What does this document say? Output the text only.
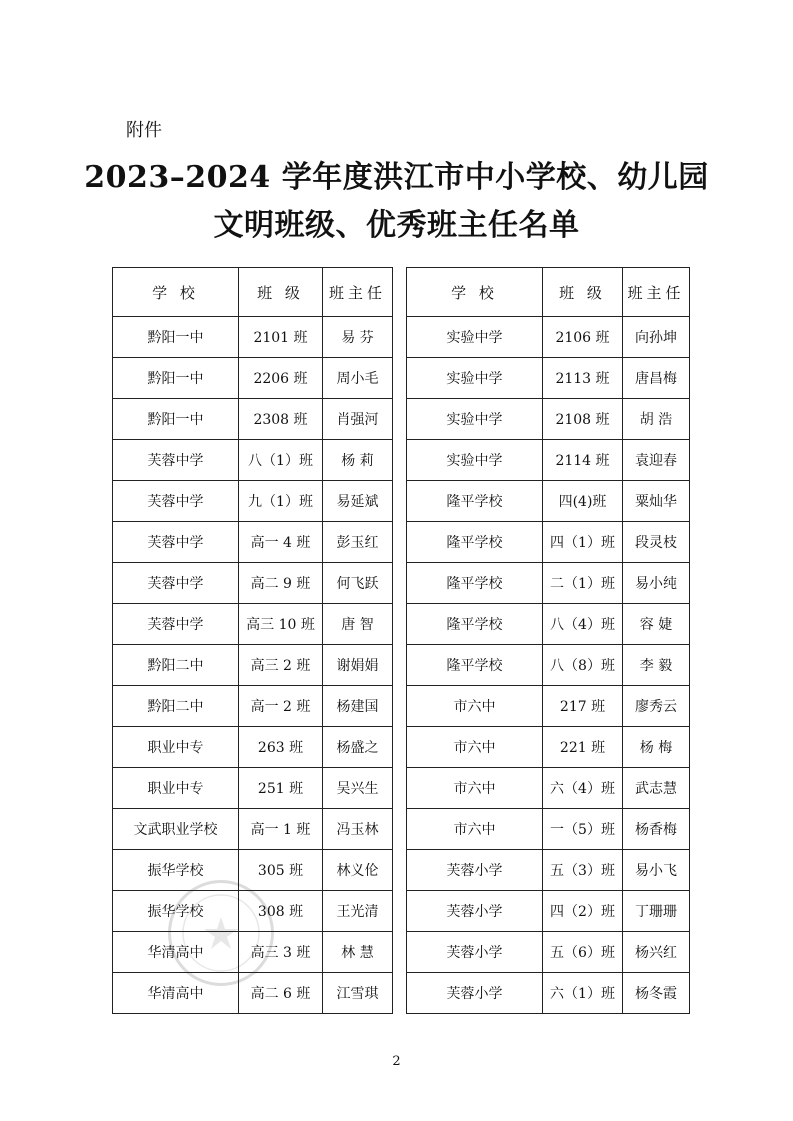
附件
2023–2024 学年度洪江市中小学校、幼儿园
文明班级、优秀班主任名单
学 校	班 级	班主任		学 校	班 级	班主任
黔阳一中	2101 班	易 芬		实验中学	2106 班	向孙坤
黔阳一中	2206 班	周小毛		实验中学	2113 班	唐昌梅
黔阳一中	2308 班	肖强河		实验中学	2108 班	胡 浩
芙蓉中学	八（1）班	杨 莉		实验中学	2114 班	袁迎春
芙蓉中学	九（1）班	易延斌		隆平学校	四(4)班	粟灿华
芙蓉中学	高一 4 班	彭玉红		隆平学校	四（1）班	段灵枝
芙蓉中学	高二 9 班	何飞跃		隆平学校	二（1）班	易小纯
芙蓉中学	高三 10 班	唐 智		隆平学校	八（4）班	容 婕
黔阳二中	高三 2 班	谢娟娟		隆平学校	八（8）班	李 毅
黔阳二中	高一 2 班	杨建国		市六中	217 班	廖秀云
职业中专	263 班	杨盛之		市六中	221 班	杨 梅
职业中专	251 班	吴兴生		市六中	六（4）班	武志慧
文武职业学校	高一 1 班	冯玉林		市六中	一（5）班	杨香梅
振华学校	305 班	林义伦		芙蓉小学	五（3）班	易小飞
振华学校	308 班	王光清		芙蓉小学	四（2）班	丁珊珊
华清高中	高三 3 班	林 慧		芙蓉小学	五（6）班	杨兴红
华清高中	高二 6 班	江雪琪		芙蓉小学	六（1）班	杨冬霞
2
